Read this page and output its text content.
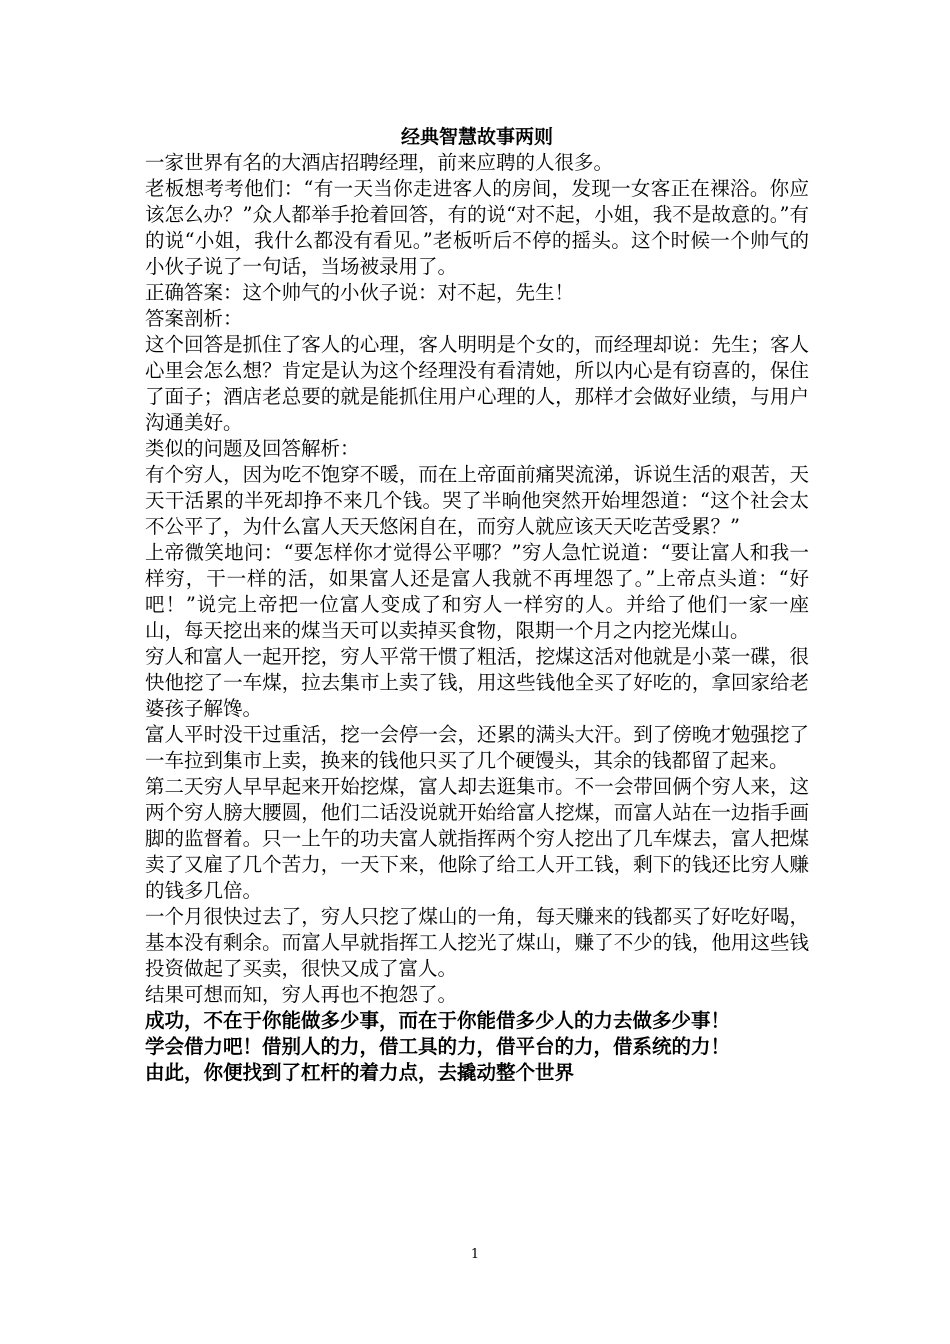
经典智慧故事两则

一家世界有名的大酒店招聘经理，前来应聘的人很多。

老板想考考他们：“有一天当你走进客人的房间，发现一女客正在裸浴。你应该怎么办？”众人都举手抢着回答，有的说“对不起，小姐，我不是故意的。”有的说“小姐，我什么都没有看见。”老板听后不停的摇头。这个时候一个帅气的小伙子说了一句话，当场被录用了。

正确答案：这个帅气的小伙子说：对不起，先生！

答案剖析：

这个回答是抓住了客人的心理，客人明明是个女的，而经理却说：先生；客人心里会怎么想？肯定是认为这个经理没有看清她，所以内心是有窃喜的，保住了面子；酒店老总要的就是能抓住用户心理的人，那样才会做好业绩，与用户沟通美好。

类似的问题及回答解析：

有个穷人，因为吃不饱穿不暖，而在上帝面前痛哭流涕，诉说生活的艰苦，天天干活累的半死却挣不来几个钱。哭了半晌他突然开始埋怨道：“这个社会太不公平了，为什么富人天天悠闲自在，而穷人就应该天天吃苦受累？”

上帝微笑地问：“要怎样你才觉得公平哪？”穷人急忙说道：“要让富人和我一样穷，干一样的活，如果富人还是富人我就不再埋怨了。”上帝点头道：“好吧！”说完上帝把一位富人变成了和穷人一样穷的人。并给了他们一家一座山，每天挖出来的煤当天可以卖掉买食物，限期一个月之内挖光煤山。

穷人和富人一起开挖，穷人平常干惯了粗活，挖煤这活对他就是小菜一碟，很快他挖了一车煤，拉去集市上卖了钱，用这些钱他全买了好吃的，拿回家给老婆孩子解馋。

富人平时没干过重活，挖一会停一会，还累的满头大汗。到了傍晚才勉强挖了一车拉到集市上卖，换来的钱他只买了几个硬馒头，其余的钱都留了起来。

第二天穷人早早起来开始挖煤，富人却去逛集市。不一会带回俩个穷人来，这两个穷人膀大腰圆，他们二话没说就开始给富人挖煤，而富人站在一边指手画脚的监督着。只一上午的功夫富人就指挥两个穷人挖出了几车煤去，富人把煤卖了又雇了几个苦力，一天下来，他除了给工人开工钱，剩下的钱还比穷人赚的钱多几倍。

一个月很快过去了，穷人只挖了煤山的一角，每天赚来的钱都买了好吃好喝，基本没有剩余。而富人早就指挥工人挖光了煤山，赚了不少的钱，他用这些钱投资做起了买卖，很快又成了富人。

结果可想而知，穷人再也不抱怨了。

成功，不在于你能做多少事，而在于你能借多少人的力去做多少事！

学会借力吧！借别人的力，借工具的力，借平台的力，借系统的力！

由此，你便找到了杠杆的着力点，去撬动整个世界

1
